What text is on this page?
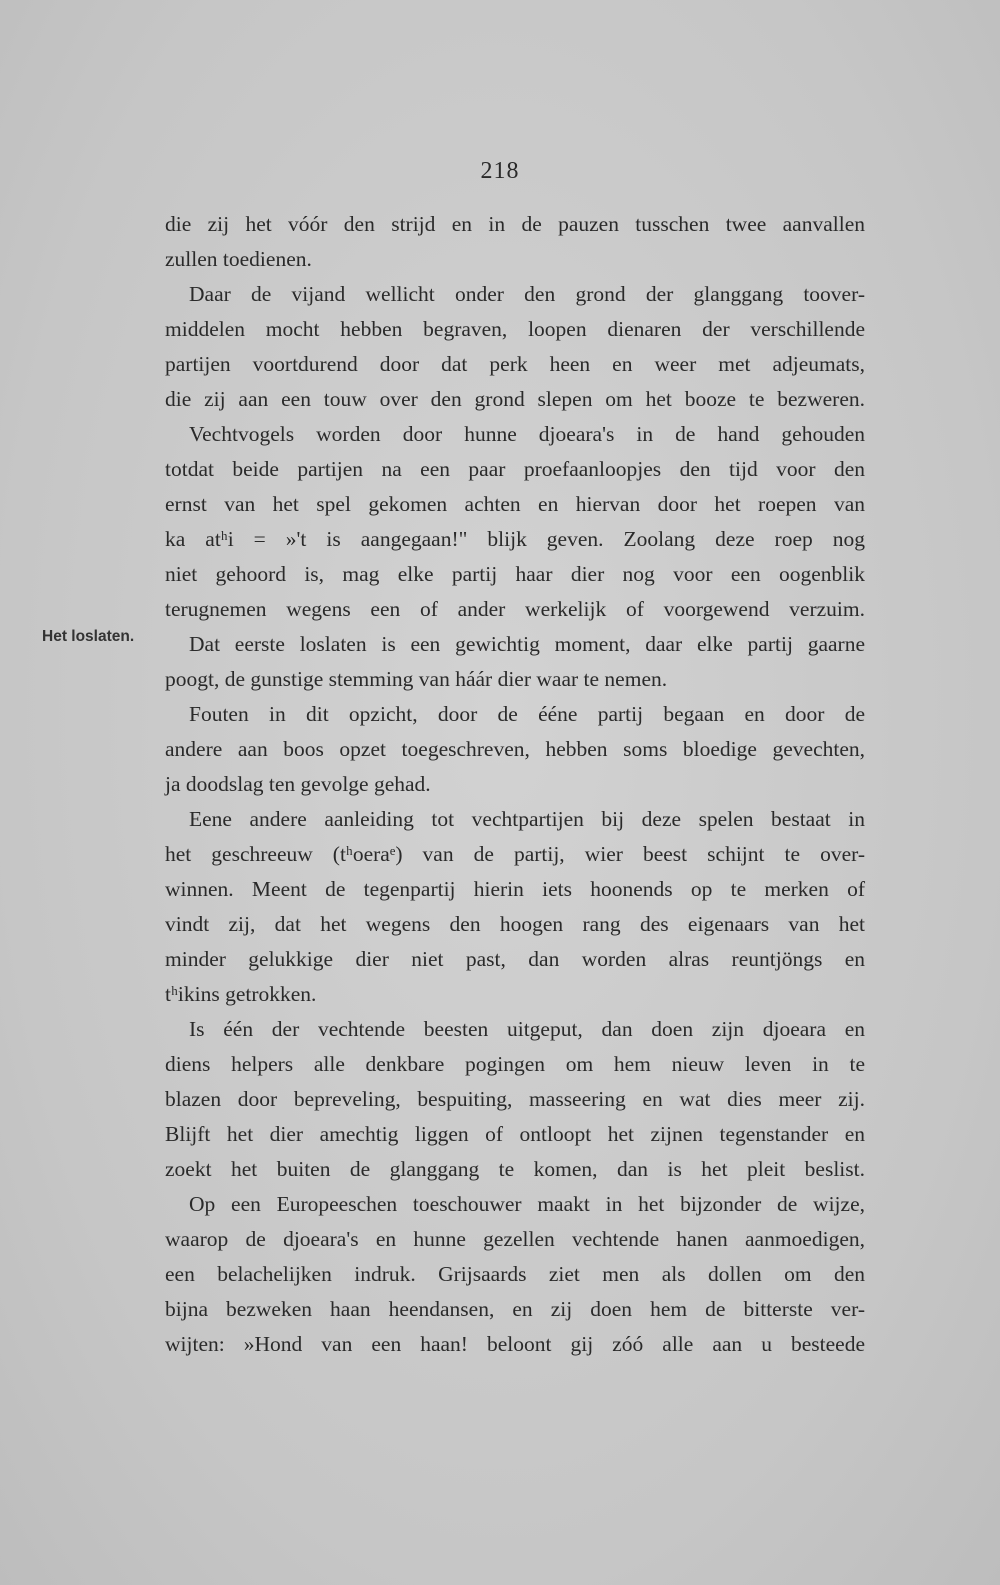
218
Het loslaten.
die zij het vóór den strijd en in de pauzen tusschen twee aanvallen
zullen toedienen.
Daar de vijand wellicht onder den grond der glanggang toover-
middelen mocht hebben begraven, loopen dienaren der verschillende
partijen voortdurend door dat perk heen en weer met adjeumats,
die zij aan een touw over den grond slepen om het booze te bezweren.
Vechtvogels worden door hunne djoeara's in de hand gehouden
totdat beide partijen na een paar proefaanloopjes den tijd voor den
ernst van het spel gekomen achten en hiervan door het roepen van
ka atʰi = »'t is aangegaan!" blijk geven. Zoolang deze roep nog
niet gehoord is, mag elke partij haar dier nog voor een oogenblik
terugnemen wegens een of ander werkelijk of voorgewend verzuim.
Dat eerste loslaten is een gewichtig moment, daar elke partij gaarne
poogt, de gunstige stemming van háár dier waar te nemen.
Fouten in dit opzicht, door de ééne partij begaan en door de
andere aan boos opzet toegeschreven, hebben soms bloedige gevechten,
ja doodslag ten gevolge gehad.
Eene andere aanleiding tot vechtpartijen bij deze spelen bestaat in
het geschreeuw (tʰoeraᵉ) van de partij, wier beest schijnt te over-
winnen. Meent de tegenpartij hierin iets hoonends op te merken of
vindt zij, dat het wegens den hoogen rang des eigenaars van het
minder gelukkige dier niet past, dan worden alras reuntjöngs en
tʰikins getrokken.
Is één der vechtende beesten uitgeput, dan doen zijn djoeara en
diens helpers alle denkbare pogingen om hem nieuw leven in te
blazen door bepreveling, bespuiting, masseering en wat dies meer zij.
Blijft het dier amechtig liggen of ontloopt het zijnen tegenstander en
zoekt het buiten de glanggang te komen, dan is het pleit beslist.
Op een Europeeschen toeschouwer maakt in het bijzonder de wijze,
waarop de djoeara's en hunne gezellen vechtende hanen aanmoedigen,
een belachelijken indruk. Grijsaards ziet men als dollen om den
bijna bezweken haan heendansen, en zij doen hem de bitterste ver-
wijten: »Hond van een haan! beloont gij zóó alle aan u besteede
